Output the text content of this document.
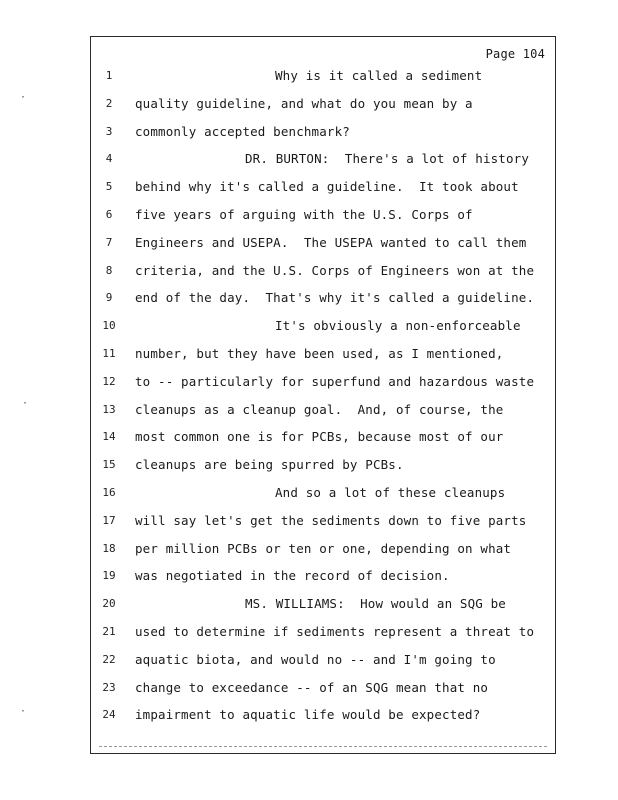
Page 104
1	Why is it called a sediment
2	quality guideline, and what do you mean by a
3	commonly accepted benchmark?
4	DR. BURTON:  There's a lot of history
5	behind why it's called a guideline.  It took about
6	five years of arguing with the U.S. Corps of
7	Engineers and USEPA.  The USEPA wanted to call them
8	criteria, and the U.S. Corps of Engineers won at the
9	end of the day.  That's why it's called a guideline.
10	It's obviously a non-enforceable
11	number, but they have been used, as I mentioned,
12	to -- particularly for superfund and hazardous waste
13	cleanups as a cleanup goal.  And, of course, the
14	most common one is for PCBs, because most of our
15	cleanups are being spurred by PCBs.
16	And so a lot of these cleanups
17	will say let's get the sediments down to five parts
18	per million PCBs or ten or one, depending on what
19	was negotiated in the record of decision.
20	MS. WILLIAMS:  How would an SQG be
21	used to determine if sediments represent a threat to
22	aquatic biota, and would no -- and I'm going to
23	change to exceedance -- of an SQG mean that no
24	impairment to aquatic life would be expected?
·
·
·
